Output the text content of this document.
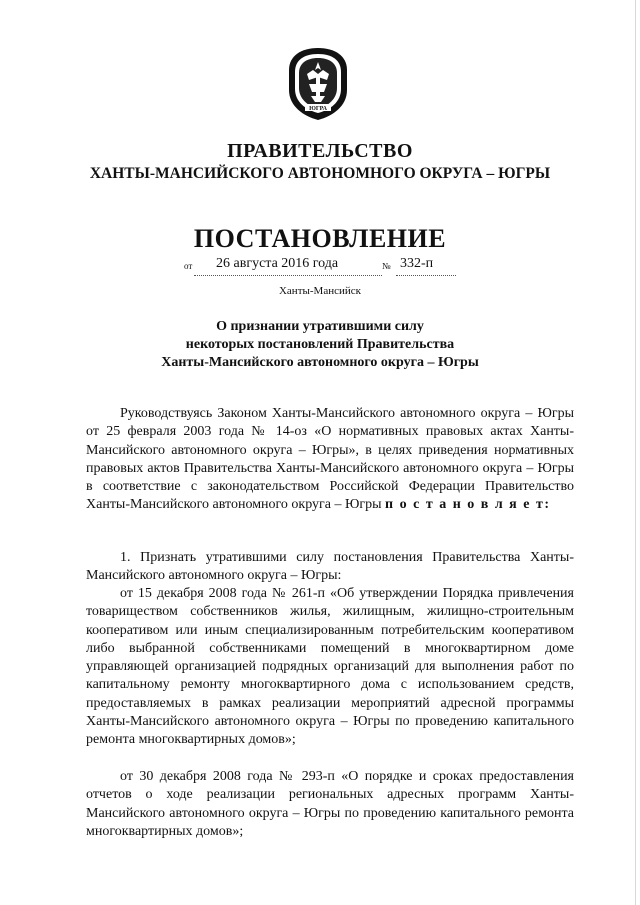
ЮГРА
ПРАВИТЕЛЬСТВО
ХАНТЫ-МАНСИЙСКОГО АВТОНОМНОГО ОКРУГА – ЮГРЫ
ПОСТАНОВЛЕНИЕ
от 26 августа 2016 года	№ 332-п
Ханты-Мансийск
О признании утратившими силу
некоторых постановлений Правительства
Ханты-Мансийского автономного округа – Югры
Руководствуясь Законом Ханты-Мансийского автономного округа – Югры от 25 февраля 2003 года № 14-оз «О нормативных правовых актах Ханты-Мансийского автономного округа – Югры», в целях приведения нормативных правовых актов Правительства Ханты-Мансийского автономного округа – Югры в соответствие с законодательством Российской Федерации Правительство Ханты-Мансийского автономного округа – Югры п о с т а н о в л я е т:
1. Признать утратившими силу постановления Правительства Ханты-Мансийского автономного округа – Югры:
от 15 декабря 2008 года № 261-п «Об утверждении Порядка привлечения товариществом собственников жилья, жилищным, жилищно-строительным кооперативом или иным специализированным потребительским кооперативом либо выбранной собственниками помещений в многоквартирном доме управляющей организацией подрядных организаций для выполнения работ по капитальному ремонту многоквартирного дома с использованием средств, предоставляемых в рамках реализации мероприятий адресной программы Ханты-Мансийского автономного округа – Югры по проведению капитального ремонта многоквартирных домов»;
от 30 декабря 2008 года № 293-п «О порядке и сроках предоставления отчетов о ходе реализации региональных адресных программ Ханты-Мансийского автономного округа – Югры по проведению капитального ремонта многоквартирных домов»;
